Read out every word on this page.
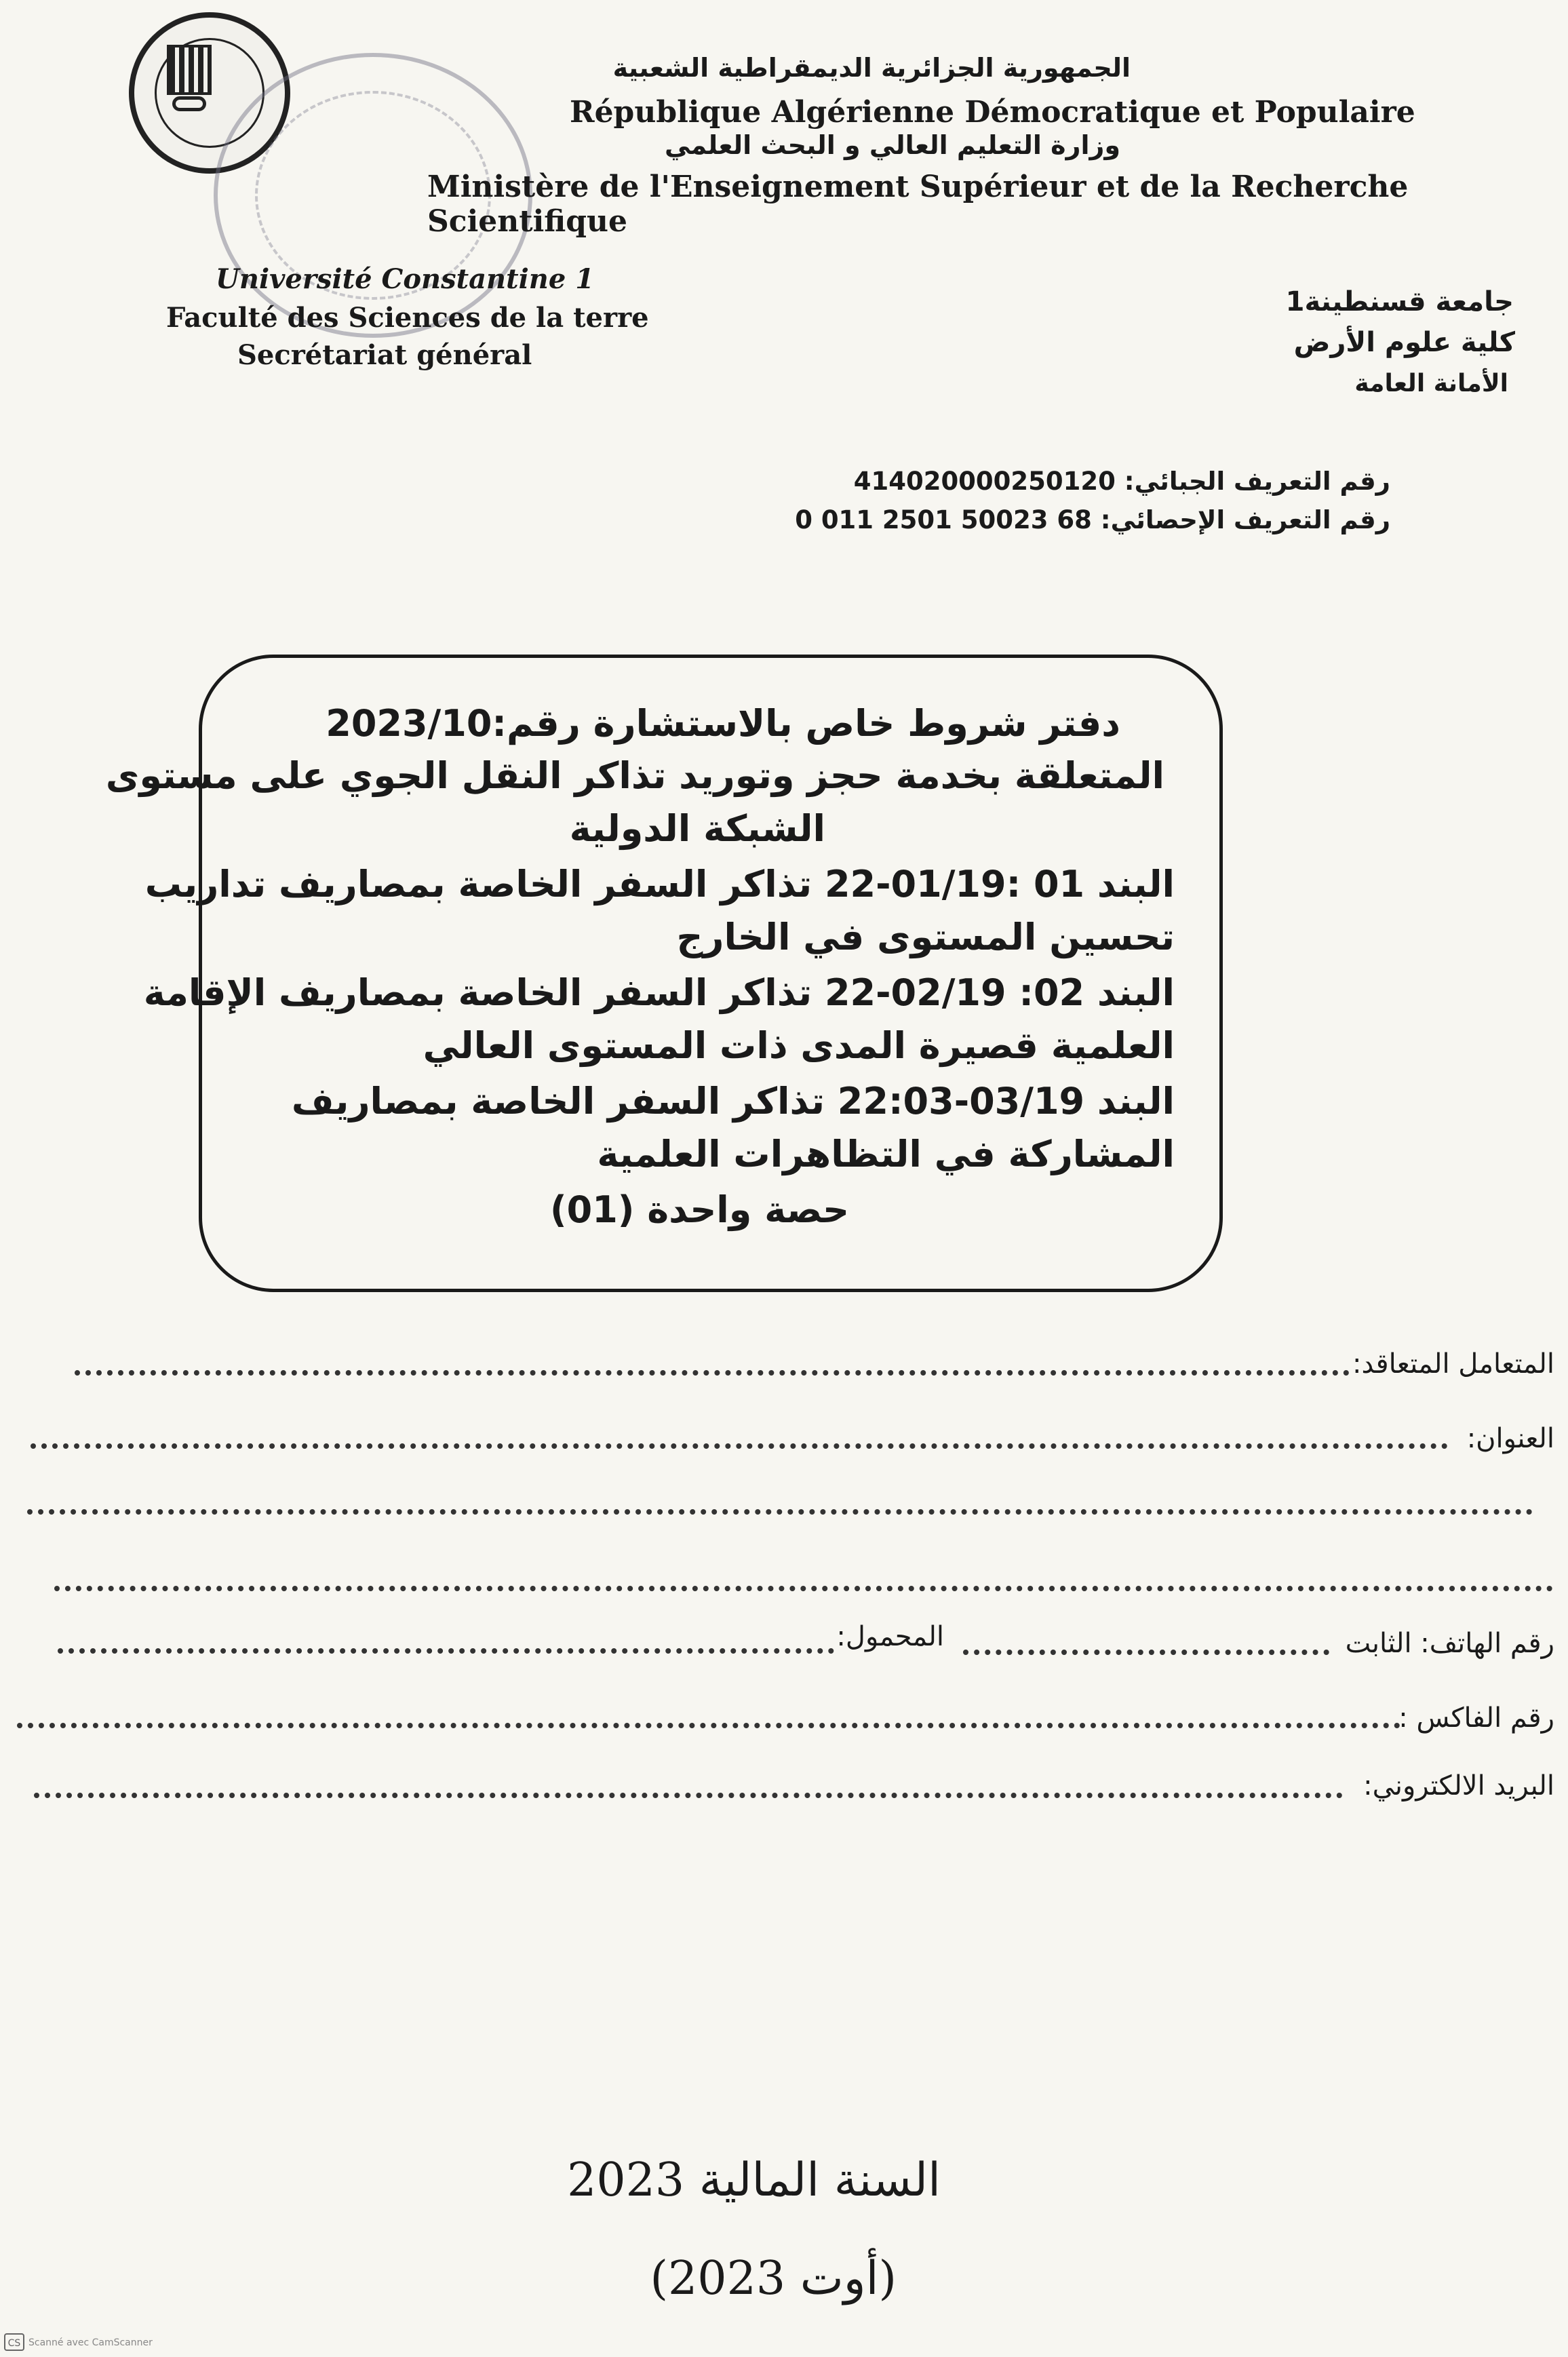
الجمهورية الجزائرية الديمقراطية الشعبية
République Algérienne Démocratique et Populaire
وزارة التعليم العالي و البحث العلمي
Ministère de l'Enseignement Supérieur et de la Recherche Scientifique
Université Constantine 1
Faculté des Sciences de la terre
Secrétariat général
جامعة قسنطينة1
كلية علوم الأرض
الأمانة العامة
رقم التعريف الجبائي: 414020000250120
رقم التعريف الإحصائي: 0 011 2501 50023 68
دفتر شروط خاص بالاستشارة رقم:2023/10
المتعلقة بخدمة حجز وتوريد تذاكر النقل الجوي على مستوى
الشبكة الدولية
البند 01 :01/19-22 تذاكر السفر الخاصة بمصاريف تداريب
تحسين المستوى في الخارج
البند 02: 02/19-22 تذاكر السفر الخاصة بمصاريف الإقامة
العلمية قصيرة المدى ذات المستوى العالي
البند 03/19-22:03 تذاكر السفر الخاصة بمصاريف
المشاركة في التظاهرات العلمية
حصة واحدة (01)
المتعامل المتعاقد:
العنوان:
رقم الهاتف: الثابت
المحمول:
رقم الفاكس :
البريد الالكتروني:
السنة المالية 2023
(أوت 2023)
CS Scanné avec CamScanner
